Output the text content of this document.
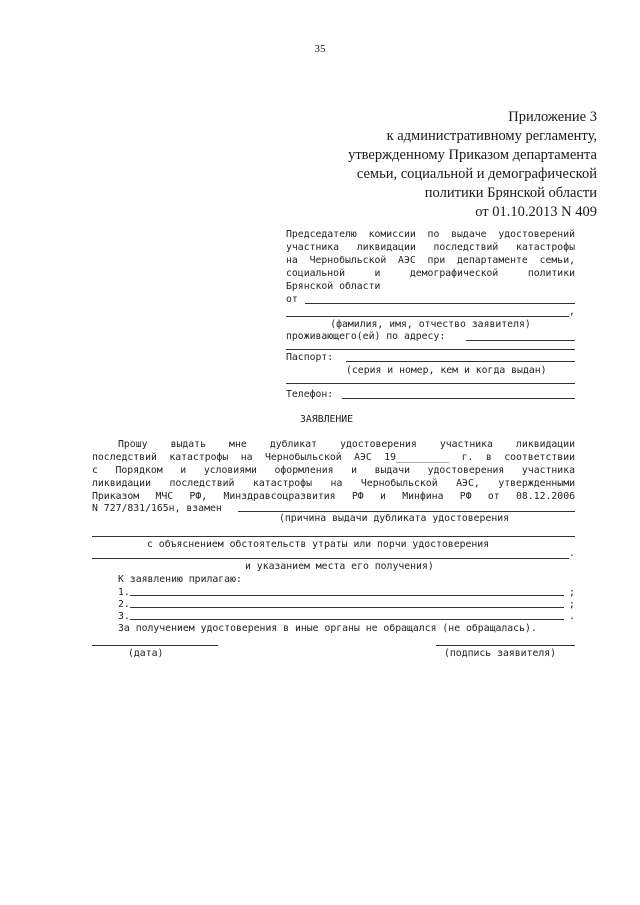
35
Приложение 3
к административному регламенту,
утвержденному Приказом департамента
семьи, социальной и демографической
политики Брянской области
от 01.10.2013 N 409
Председателю комиссии по выдаче удостоверений
участника ликвидации последствий катастрофы
на Чернобыльской АЭС при департаменте семьи,
социальной и демографической политики
Брянской области
от
,
(фамилия, имя, отчество заявителя)
проживающего(ей) по адресу:
Паспорт:
(серия и номер, кем и когда выдан)
Телефон:
ЗАЯВЛЕНИЕ
Прошу выдать мне дубликат удостоверения участника ликвидации
последствий катастрофы на Чернобыльской АЭС 19_________ г. в соответствии
с Порядком и условиями оформления и выдачи удостоверения участника
ликвидации последствий катастрофы на Чернобыльской АЭС, утвержденными
Приказом МЧС РФ, Минздравсоцразвития РФ и Минфина РФ от 08.12.2006
N 727/831/165н, взамен
(причина выдачи дубликата удостоверения
с объяснением обстоятельств утраты или порчи удостоверения
.
и указанием места его получения)
К заявлению прилагаю:
1.	;
2.	;
3.	.
За получением удостоверения в иные органы не обращался (не обращалась).
(дата)	(подпись заявителя)
